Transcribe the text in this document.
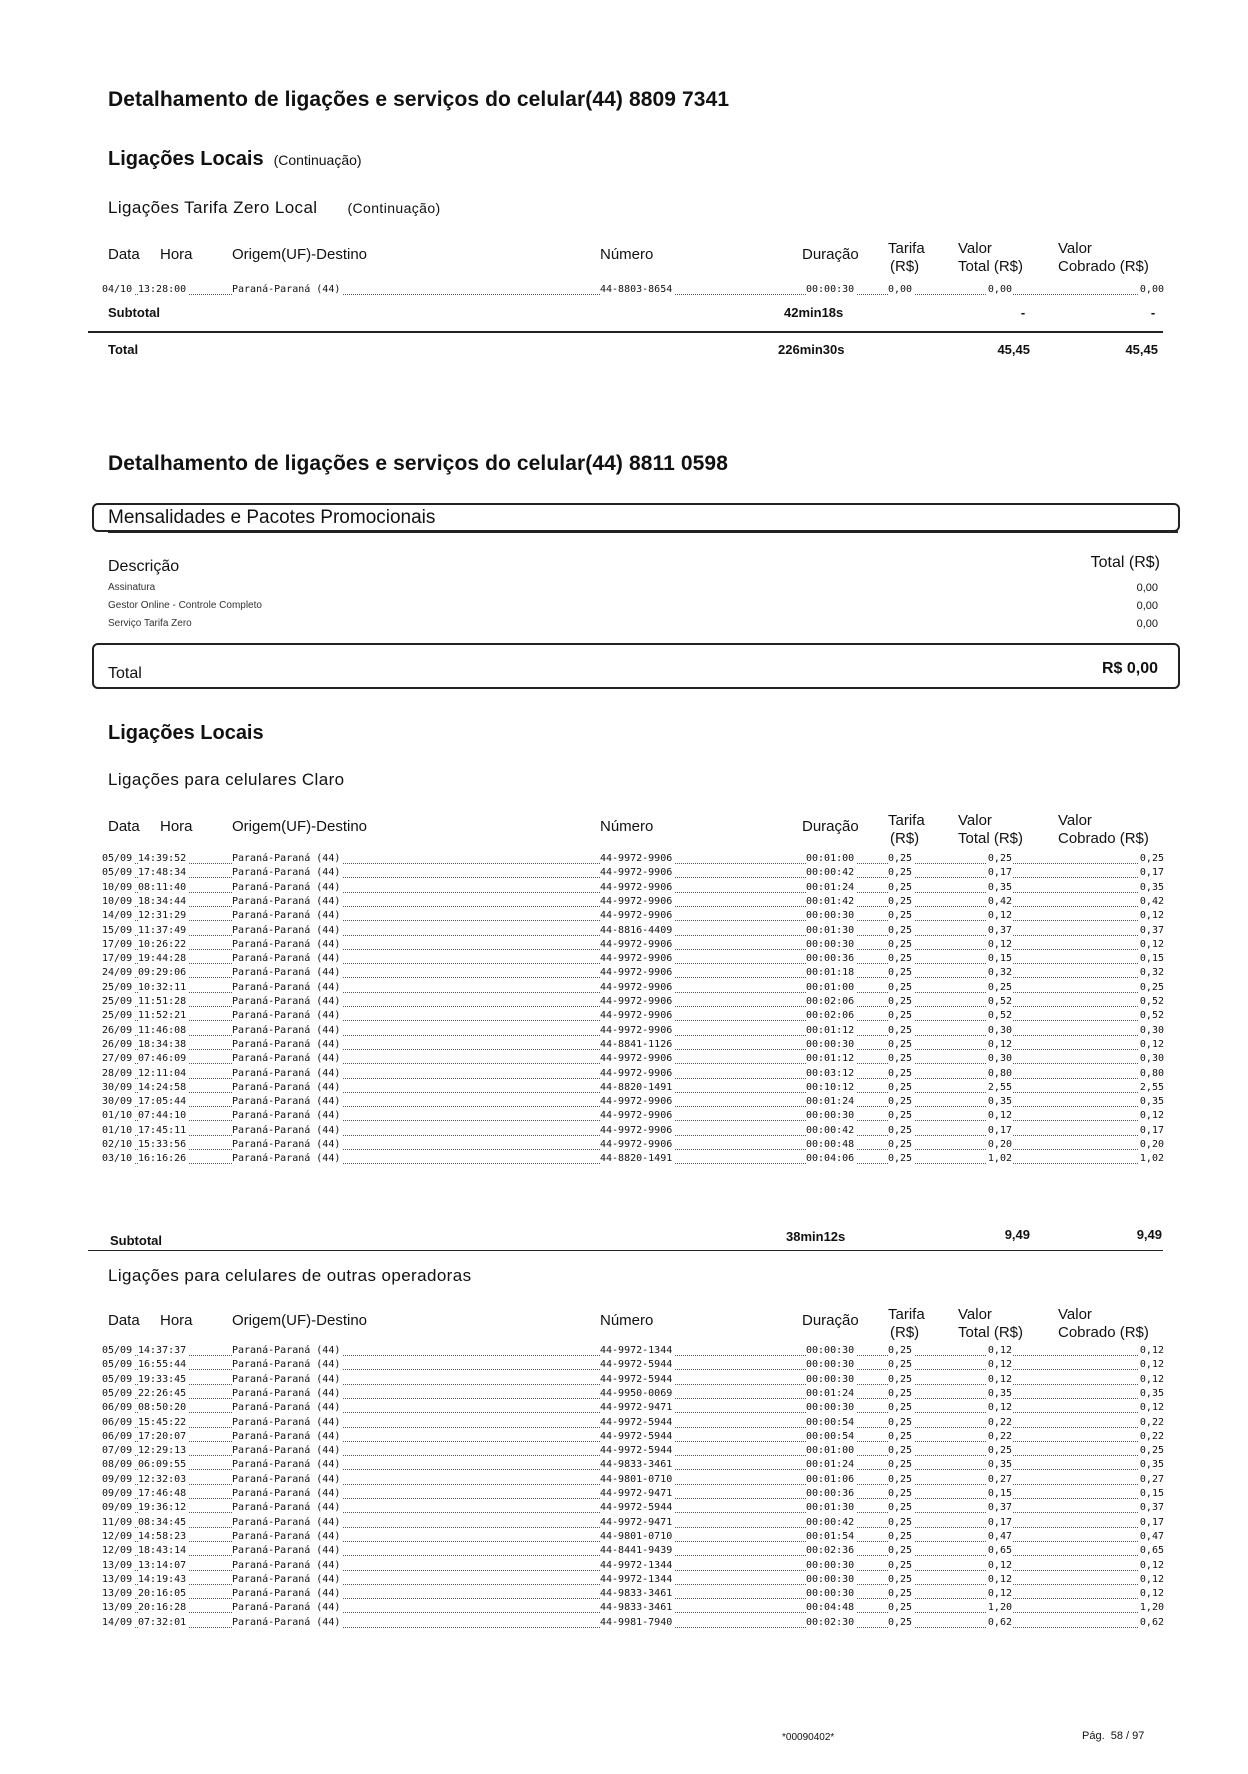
Detalhamento de ligações e serviços do celular(44) 8809 7341
Ligações Locais (Continuação)
Ligações Tarifa Zero Local (Continuação)
Data Hora	Origem(UF)-Destino	Número	Duração Tarifa
(R$)
Valor
Total (R$)
Valor
Cobrado (R$)
04/10 13:28:00	Paraná-Paraná (44)	44-8803-8654	00:00:30	0,00	0,00	0,00
Subtotal	42min18s	-	-
Total	226min30s	45,45	45,45
Detalhamento de ligações e serviços do celular(44) 8811 0598
Mensalidades e Pacotes Promocionais
Descrição	Total (R$)
Assinatura	0,00
Gestor Online - Controle Completo	0,00
Serviço Tarifa Zero	0,00
Total	R$ 0,00
Ligações Locais
Ligações para celulares Claro
Data Hora	Origem(UF)-Destino	Número	Duração Tarifa
(R$)
Valor
Total (R$)
Valor
Cobrado (R$)
05/09 14:39:52	Paraná-Paraná (44)	44-9972-9906	00:01:00	0,25	0,25	0,25
05/09 17:48:34	Paraná-Paraná (44)	44-9972-9906	00:00:42	0,25	0,17	0,17
10/09 08:11:40	Paraná-Paraná (44)	44-9972-9906	00:01:24	0,25	0,35	0,35
10/09 18:34:44	Paraná-Paraná (44)	44-9972-9906	00:01:42	0,25	0,42	0,42
14/09 12:31:29	Paraná-Paraná (44)	44-9972-9906	00:00:30	0,25	0,12	0,12
15/09 11:37:49	Paraná-Paraná (44)	44-8816-4409	00:01:30	0,25	0,37	0,37
17/09 10:26:22	Paraná-Paraná (44)	44-9972-9906	00:00:30	0,25	0,12	0,12
17/09 19:44:28	Paraná-Paraná (44)	44-9972-9906	00:00:36	0,25	0,15	0,15
24/09 09:29:06	Paraná-Paraná (44)	44-9972-9906	00:01:18	0,25	0,32	0,32
25/09 10:32:11	Paraná-Paraná (44)	44-9972-9906	00:01:00	0,25	0,25	0,25
25/09 11:51:28	Paraná-Paraná (44)	44-9972-9906	00:02:06	0,25	0,52	0,52
25/09 11:52:21	Paraná-Paraná (44)	44-9972-9906	00:02:06	0,25	0,52	0,52
26/09 11:46:08	Paraná-Paraná (44)	44-9972-9906	00:01:12	0,25	0,30	0,30
26/09 18:34:38	Paraná-Paraná (44)	44-8841-1126	00:00:30	0,25	0,12	0,12
27/09 07:46:09	Paraná-Paraná (44)	44-9972-9906	00:01:12	0,25	0,30	0,30
28/09 12:11:04	Paraná-Paraná (44)	44-9972-9906	00:03:12	0,25	0,80	0,80
30/09 14:24:58	Paraná-Paraná (44)	44-8820-1491	00:10:12	0,25	2,55	2,55
30/09 17:05:44	Paraná-Paraná (44)	44-9972-9906	00:01:24	0,25	0,35	0,35
01/10 07:44:10	Paraná-Paraná (44)	44-9972-9906	00:00:30	0,25	0,12	0,12
01/10 17:45:11	Paraná-Paraná (44)	44-9972-9906	00:00:42	0,25	0,17	0,17
02/10 15:33:56	Paraná-Paraná (44)	44-9972-9906	00:00:48	0,25	0,20	0,20
03/10 16:16:26	Paraná-Paraná (44)	44-8820-1491	00:04:06	0,25	1,02	1,02
Subtotal	38min12s	9,49	9,49
Ligações para celulares de outras operadoras
Data Hora	Origem(UF)-Destino	Número	Duração Tarifa
(R$)
Valor
Total (R$)
Valor
Cobrado (R$)
05/09 14:37:37	Paraná-Paraná (44)	44-9972-1344	00:00:30	0,25	0,12	0,12
05/09 16:55:44	Paraná-Paraná (44)	44-9972-5944	00:00:30	0,25	0,12	0,12
05/09 19:33:45	Paraná-Paraná (44)	44-9972-5944	00:00:30	0,25	0,12	0,12
05/09 22:26:45	Paraná-Paraná (44)	44-9950-0069	00:01:24	0,25	0,35	0,35
06/09 08:50:20	Paraná-Paraná (44)	44-9972-9471	00:00:30	0,25	0,12	0,12
06/09 15:45:22	Paraná-Paraná (44)	44-9972-5944	00:00:54	0,25	0,22	0,22
06/09 17:20:07	Paraná-Paraná (44)	44-9972-5944	00:00:54	0,25	0,22	0,22
07/09 12:29:13	Paraná-Paraná (44)	44-9972-5944	00:01:00	0,25	0,25	0,25
08/09 06:09:55	Paraná-Paraná (44)	44-9833-3461	00:01:24	0,25	0,35	0,35
09/09 12:32:03	Paraná-Paraná (44)	44-9801-0710	00:01:06	0,25	0,27	0,27
09/09 17:46:48	Paraná-Paraná (44)	44-9972-9471	00:00:36	0,25	0,15	0,15
09/09 19:36:12	Paraná-Paraná (44)	44-9972-5944	00:01:30	0,25	0,37	0,37
11/09 08:34:45	Paraná-Paraná (44)	44-9972-9471	00:00:42	0,25	0,17	0,17
12/09 14:58:23	Paraná-Paraná (44)	44-9801-0710	00:01:54	0,25	0,47	0,47
12/09 18:43:14	Paraná-Paraná (44)	44-8441-9439	00:02:36	0,25	0,65	0,65
13/09 13:14:07	Paraná-Paraná (44)	44-9972-1344	00:00:30	0,25	0,12	0,12
13/09 14:19:43	Paraná-Paraná (44)	44-9972-1344	00:00:30	0,25	0,12	0,12
13/09 20:16:05	Paraná-Paraná (44)	44-9833-3461	00:00:30	0,25	0,12	0,12
13/09 20:16:28	Paraná-Paraná (44)	44-9833-3461	00:04:48	0,25	1,20	1,20
14/09 07:32:01	Paraná-Paraná (44)	44-9981-7940	00:02:30	0,25	0,62	0,62
*00090402*	Pág. 58 / 97
